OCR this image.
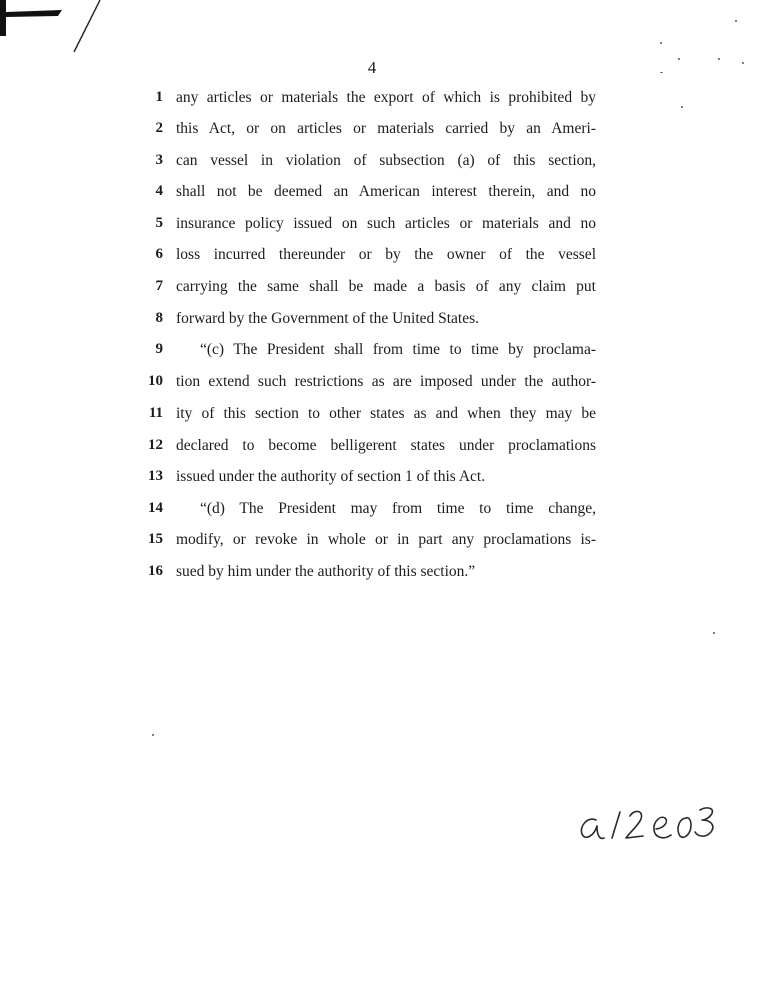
4
1 any articles or materials the export of which is prohibited by
2 this Act, or on articles or materials carried by an Ameri-
3 can vessel in violation of subsection (a) of this section,
4 shall not be deemed an American interest therein, and no
5 insurance policy issued on such articles or materials and no
6 loss incurred thereunder or by the owner of the vessel
7 carrying the same shall be made a basis of any claim put
8 forward by the Government of the United States.
9 “(c) The President shall from time to time by proclama-
10 tion extend such restrictions as are imposed under the author-
11 ity of this section to other states as and when they may be
12 declared to become belligerent states under proclamations
13 issued under the authority of section 1 of this Act.
14 “(d) The President may from time to time change,
15 modify, or revoke in whole or in part any proclamations is-
16 sued by him under the authority of this section.”
